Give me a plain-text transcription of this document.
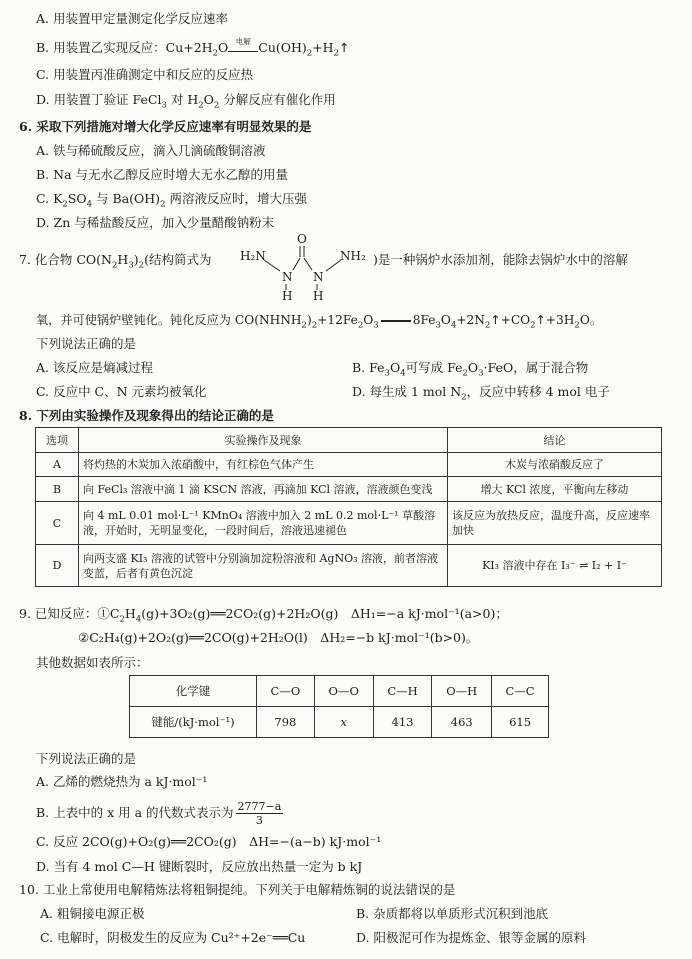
A. 用装置甲定量测定化学反应速率
B. 用装置乙实现反应：$Cu+2H_2O$	电解 $Cu(OH)_2+H_2↑$
C. 用装置丙准确测定中和反应的反应热
D. 用装置丁验证 FeCl$_3$ 对 $H_2O_2$ 分解反应有催化作用
6. 采取下列措施对增大化学反应速率有明显效果的是
A. 铁与稀硫酸反应，滴入几滴硫酸铜溶液
B. Na 与无水乙醇反应时增大无水乙醇的用量
C. $K_2SO_4$ 与 $Ba(OH)_2$ 两溶液反应时，增大压强
D. Zn 与稀盐酸反应，加入少量醋酸钠粉末
7. 化合物 $CO(N_2H_3)_2$(结构简式为
O
H₂N	NH₂
N N
H H
)是一种锅炉水添加剂，能除去锅炉水中的溶解
氧，并可使锅炉壁钝化。钝化反应为 $CO(NHNH_2)_2+12Fe_2O_3$	$8Fe_3O_4+2N_2↑+CO_2↑+3H_2O$。
下列说法正确的是
A. 该反应是熵减过程	B. $Fe_3O_4$可写成 $Fe_2O_3\cdot FeO$，属于混合物
C. 反应中 C、N 元素均被氧化	D. 每生成 1 mol $N_2$，反应中转移 4 mol 电子
8. 下列由实验操作及现象得出的结论正确的是
选项	实验操作及现象	结论
A	将灼热的木炭加入浓硝酸中，有红棕色气体产生	木炭与浓硝酸反应了
B	向 FeCl₃ 溶液中滴 1 滴 KSCN 溶液，再滴加 KCl 溶液，溶液颜色变浅	增大 KCl 浓度，平衡向左移动
C	向 4 mL 0.01 mol·L⁻¹ KMnO₄ 溶液中加入 2 mL 0.2 mol·L⁻¹ 草酸溶液，开始时，无明显变化，一段时间后，溶液迅速褪色	该反应为放热反应，温度升高，反应速率加快
D	向两支盛 KI₃ 溶液的试管中分别滴加淀粉溶液和 AgNO₃ 溶液，前者溶液变蓝，后者有黄色沉淀	KI₃ 溶液中存在 I₃⁻ ⇌ I₂ + I⁻
9. 已知反应：$①C_2H_4(g)+3O_2(g)══2CO_2(g)+2H_2O(g)$　ΔH₁=−a kJ·mol⁻¹(a>0)；
②C₂H₄(g)+2O₂(g)══2CO(g)+2H₂O(l)　ΔH₂=−b kJ·mol⁻¹(b>0)。
其他数据如表所示：
化学键	C—O	O—O	C—H	O—H	C—C
键能/(kJ·mol⁻¹)	798	x	413	463	615
下列说法正确的是
A. 乙烯的燃烧热为 a kJ·mol⁻¹
B. 上表中的 x 用 a 的代数式表示为 $\frac{2777-a}{3}$
C. 反应 2CO(g)+O₂(g)══2CO₂(g)　ΔH=−(a−b) kJ·mol⁻¹
D. 当有 4 mol C—H 键断裂时，反应放出热量一定为 b kJ
10. 工业上常使用电解精炼法将粗铜提纯。下列关于电解精炼铜的说法错误的是
A. 粗铜接电源正极	B. 杂质都将以单质形式沉积到池底
C. 电解时，阴极发生的反应为 Cu²⁺+2e⁻══Cu	D. 阳极泥可作为提炼金、银等金属的原料
